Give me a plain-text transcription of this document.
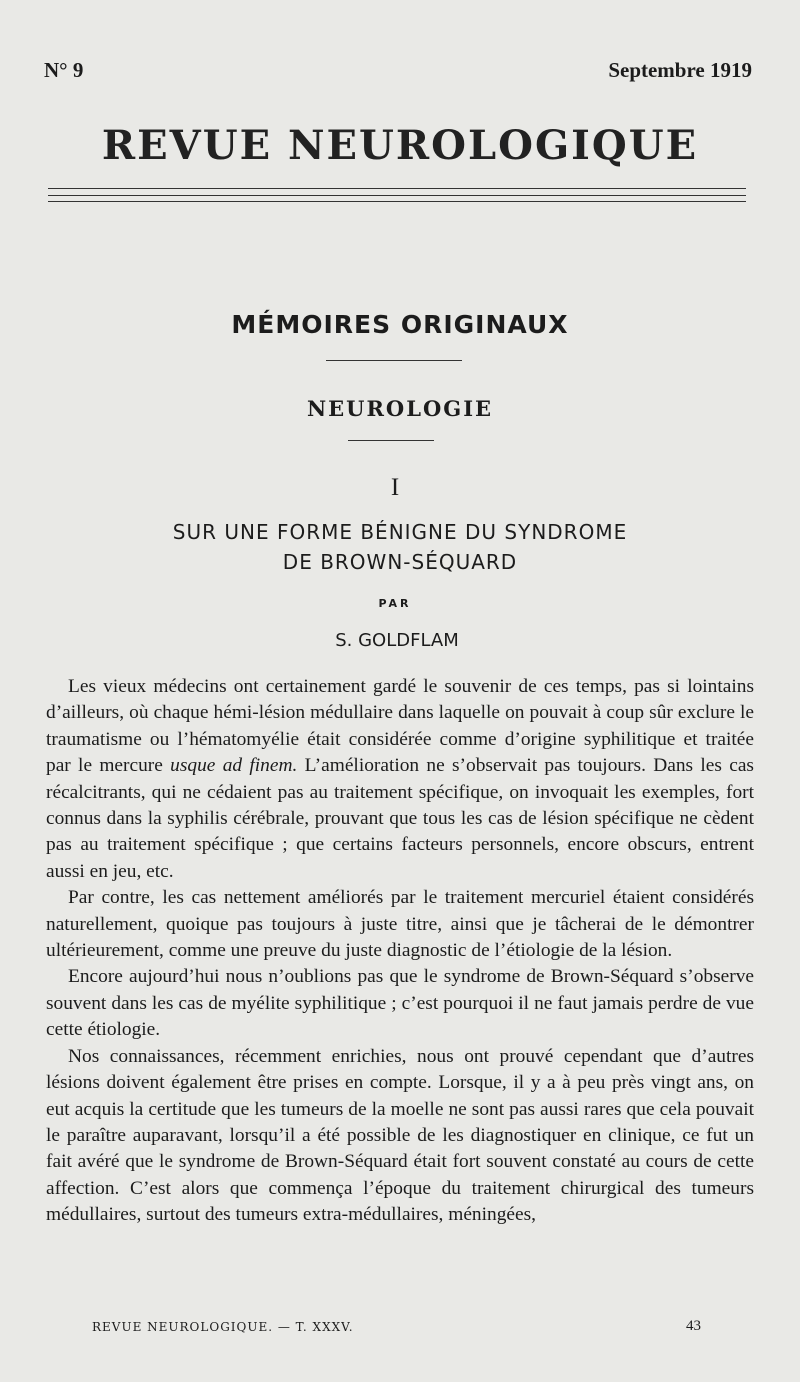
N° 9	Septembre 1919
REVUE NEUROLOGIQUE
MÉMOIRES ORIGINAUX
NEUROLOGIE
I
SUR UNE FORME BÉNIGNE DU SYNDROME
DE BROWN-SÉQUARD
PAR
S. GOLDFLAM

Les vieux médecins ont certainement gardé le souvenir de ces temps, pas si lointains d’ailleurs, où chaque hémi-lésion médullaire dans laquelle on pouvait à coup sûr exclure le traumatisme ou l’hématomyélie était considérée comme d’origine syphilitique et traitée par le mercure usque ad finem. L’amélioration ne s’observait pas toujours. Dans les cas récalcitrants, qui ne cédaient pas au traitement spécifique, on invoquait les exemples, fort connus dans la syphilis cérébrale, prouvant que tous les cas de lésion spécifique ne cèdent pas au traitement spécifique ; que certains facteurs personnels, encore obscurs, entrent aussi en jeu, etc.

Par contre, les cas nettement améliorés par le traitement mercuriel étaient considérés naturellement, quoique pas toujours à juste titre, ainsi que je tâcherai de le démontrer ultérieurement, comme une preuve du juste diagnostic de l’étiologie de la lésion.

Encore aujourd’hui nous n’oublions pas que le syndrome de Brown-Séquard s’observe souvent dans les cas de myélite syphilitique ; c’est pourquoi il ne faut jamais perdre de vue cette étiologie.

Nos connaissances, récemment enrichies, nous ont prouvé cependant que d’autres lésions doivent également être prises en compte. Lorsque, il y a à peu près vingt ans, on eut acquis la certitude que les tumeurs de la moelle ne sont pas aussi rares que cela pouvait le paraître auparavant, lorsqu’il a été possible de les diagnostiquer en clinique, ce fut un fait avéré que le syndrome de Brown-Séquard était fort souvent constaté au cours de cette affection. C’est alors que commença l’époque du traitement chirurgical des tumeurs médullaires, surtout des tumeurs extra-médullaires, méningées,

REVUE NEUROLOGIQUE. — T. XXXV.	43
